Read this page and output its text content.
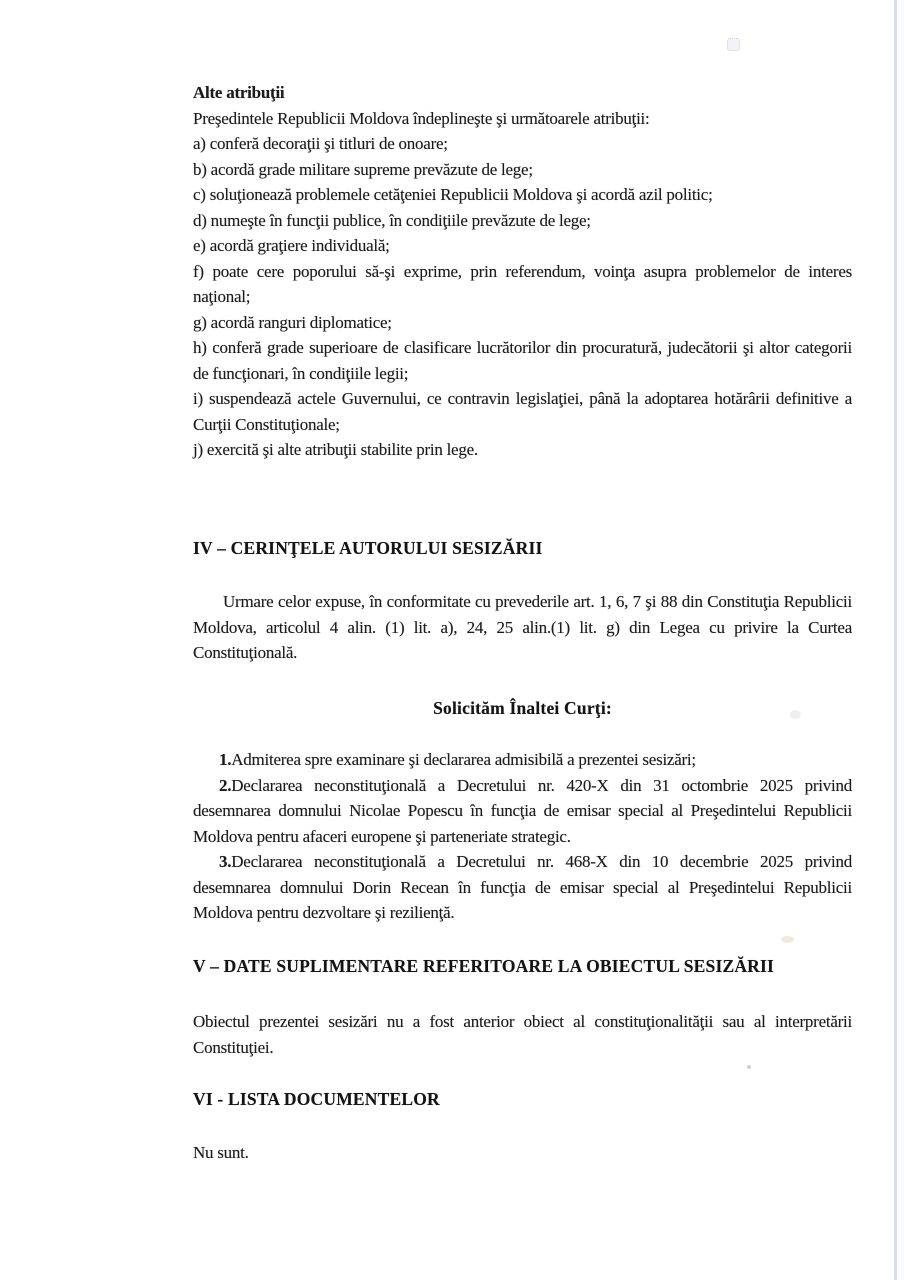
Alte atribuţii

Preşedintele Republicii Moldova îndeplineşte şi următoarele atribuţii:

a) conferă decoraţii şi titluri de onoare;

b) acordă grade militare supreme prevăzute de lege;

c) soluţionează problemele cetăţeniei Republicii Moldova şi acordă azil politic;

d) numeşte în funcţii publice, în condiţiile prevăzute de lege;

e) acordă graţiere individuală;

f) poate cere poporului să-şi exprime, prin referendum, voinţa asupra problemelor de interes naţional;

g) acordă ranguri diplomatice;

h) conferă grade superioare de clasificare lucrătorilor din procuratură, judecătorii şi altor categorii de funcţionari, în condiţiile legii;

i) suspendează actele Guvernului, ce contravin legislaţiei, până la adoptarea hotărârii definitive a Curţii Constituţionale;

j) exercită şi alte atribuţii stabilite prin lege.

IV – CERINŢELE AUTORULUI SESIZĂRII

Urmare celor expuse, în conformitate cu prevederile art. 1, 6, 7 şi 88 din Constituţia Republicii Moldova, articolul 4 alin. (1) lit. a), 24, 25 alin.(1) lit. g) din Legea cu privire la Curtea Constituţională.

Solicităm Înaltei Curţi:

1.Admiterea spre examinare şi declararea admisibilă a prezentei sesizări;

2.Declararea neconstituţională a Decretului nr. 420-X din 31 octombrie 2025 privind desemnarea domnului Nicolae Popescu în funcţia de emisar special al Preşedintelui Republicii Moldova pentru afaceri europene şi parteneriate strategic.

3.Declararea neconstituţională a Decretului nr. 468-X din 10 decembrie 2025 privind desemnarea domnului Dorin Recean în funcţia de emisar special al Preşedintelui Republicii Moldova pentru dezvoltare şi rezilienţă.

V – DATE SUPLIMENTARE REFERITOARE LA OBIECTUL SESIZĂRII

Obiectul prezentei sesizări nu a fost anterior obiect al constituţionalităţii sau al interpretării Constituţiei.

VI - LISTA DOCUMENTELOR

Nu sunt.
